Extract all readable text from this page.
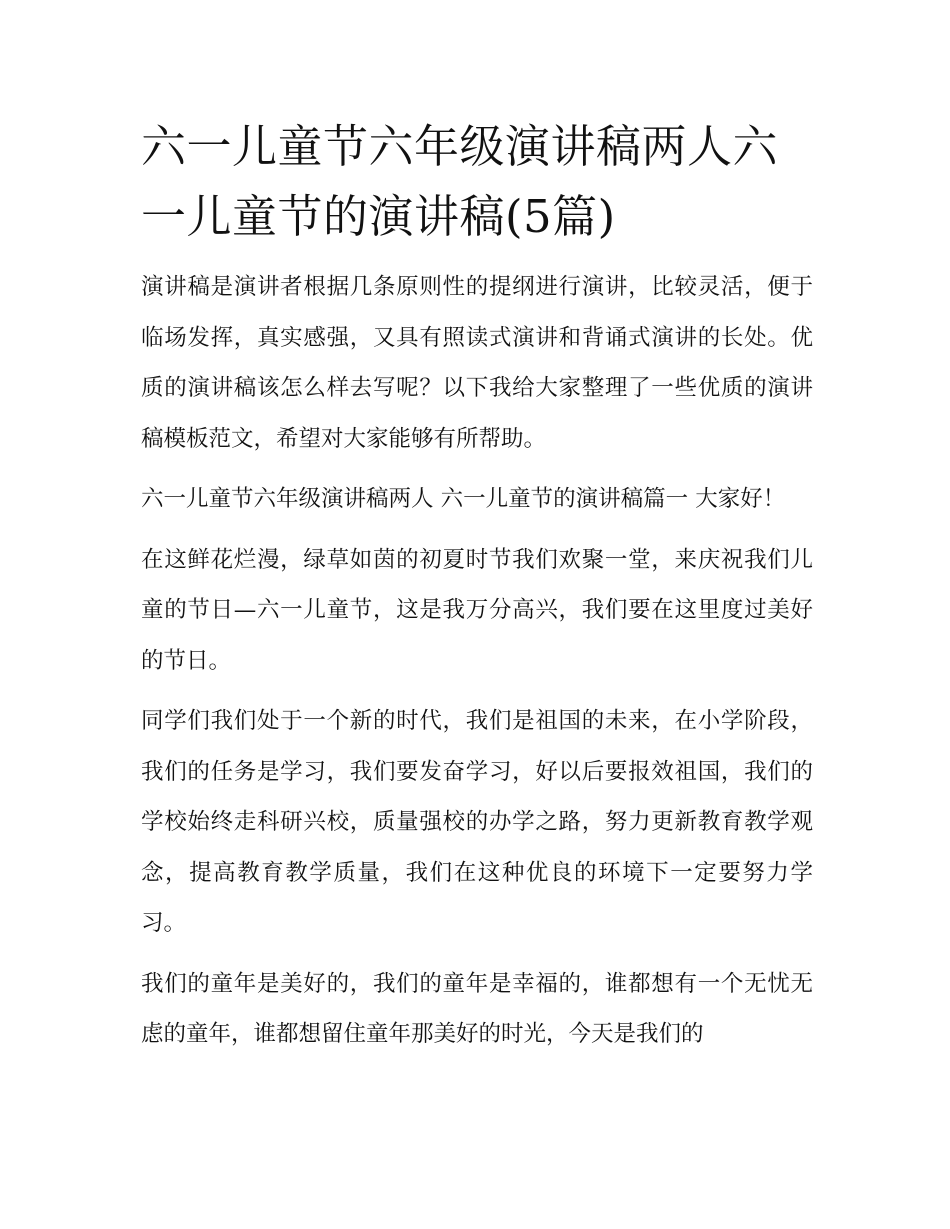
六一儿童节六年级演讲稿两人六一儿童节的演讲稿(5篇)

演讲稿是演讲者根据几条原则性的提纲进行演讲，比较灵活，便于临场发挥，真实感强，又具有照读式演讲和背诵式演讲的长处。优质的演讲稿该怎么样去写呢？以下我给大家整理了一些优质的演讲稿模板范文，希望对大家能够有所帮助。

六一儿童节六年级演讲稿两人 六一儿童节的演讲稿篇一 大家好！

在这鲜花烂漫，绿草如茵的初夏时节我们欢聚一堂，来庆祝我们儿童的节日—六一儿童节，这是我万分高兴，我们要在这里度过美好的节日。

同学们我们处于一个新的时代，我们是祖国的未来，在小学阶段，我们的任务是学习，我们要发奋学习，好以后要报效祖国，我们的学校始终走科研兴校，质量强校的办学之路，努力更新教育教学观念，提高教育教学质量，我们在这种优良的环境下一定要努力学习。

我们的童年是美好的，我们的童年是幸福的，谁都想有一个无忧无虑的童年，谁都想留住童年那美好的时光，今天是我们的
